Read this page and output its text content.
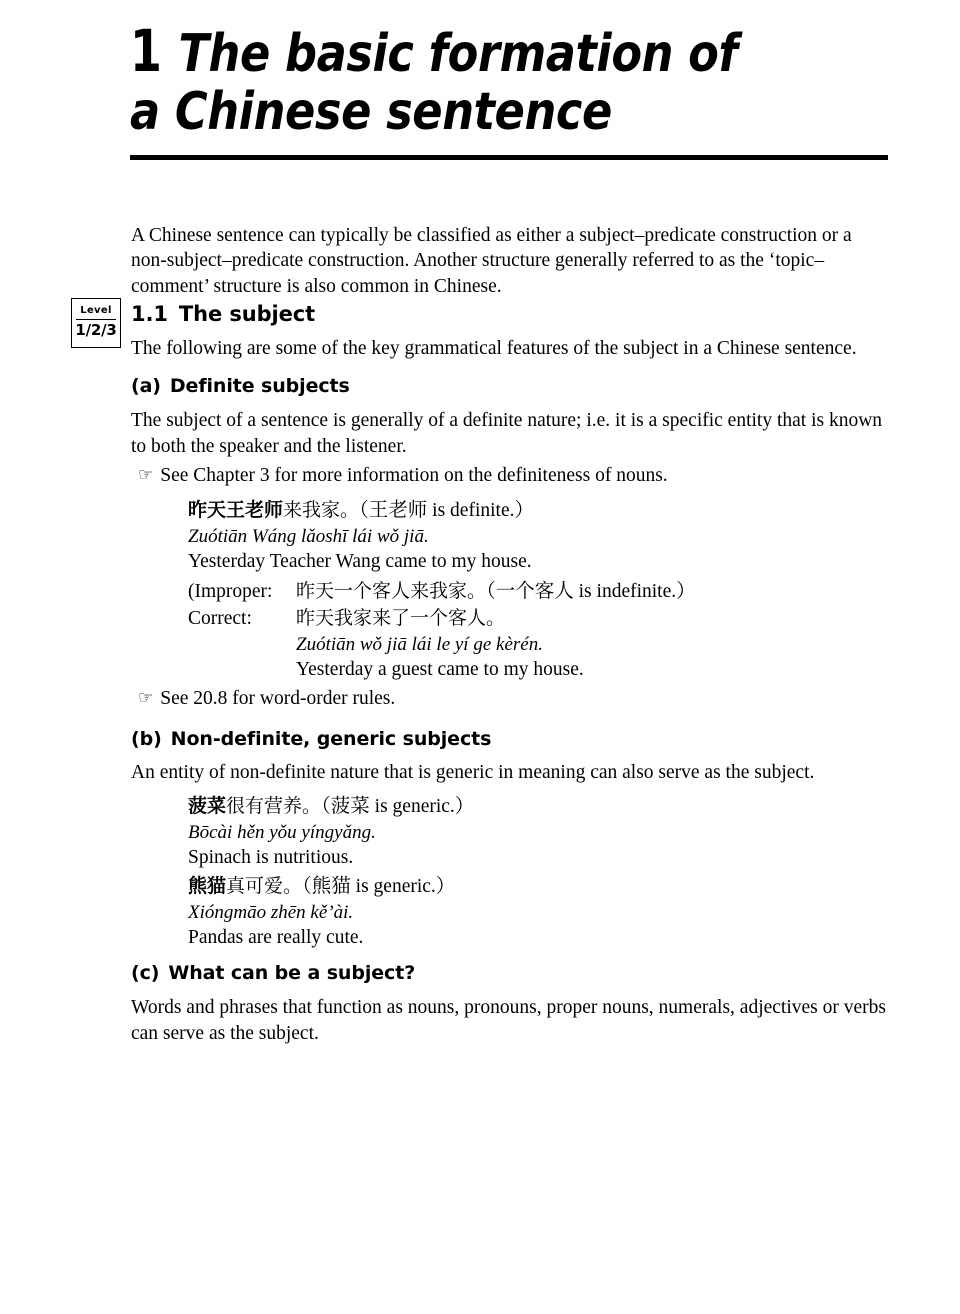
1 The basic formation of
a Chinese sentence

A Chinese sentence can typically be classified as either a subject–predicate construction or a non-subject–predicate construction. Another structure generally referred to as the ‘topic–comment’ structure is also common in Chinese.

Level
1/2/3
1.1 The subject

The following are some of the key grammatical features of the subject in a Chinese sentence.

(a) Definite subjects

The subject of a sentence is generally of a definite nature; i.e. it is a specific entity that is known to both the speaker and the listener.

☞ See Chapter 3 for more information on the definiteness of nouns.
昨天王老师来我家。（王老师 is definite.）
Zuótiān Wáng lǎoshī lái wǒ jiā.
Yesterday Teacher Wang came to my house.
(Improper:	昨天一个客人来我家。（一个客人 is indefinite.）
Correct:	昨天我家来了一个客人。
Zuótiān wǒ jiā lái le yí ge kèrén.
Yesterday a guest came to my house.
☞ See 20.8 for word-order rules.
(b) Non-definite, generic subjects

An entity of non-definite nature that is generic in meaning can also serve as the subject.

菠菜很有营养。（菠菜 is generic.）
Bōcài hěn yǒu yíngyǎng.
Spinach is nutritious.
熊猫真可爱。（熊猫 is generic.）
Xióngmāo zhēn kě’ài.
Pandas are really cute.
(c) What can be a subject?

Words and phrases that function as nouns, pronouns, proper nouns, numerals, adjectives or verbs can serve as the subject.
